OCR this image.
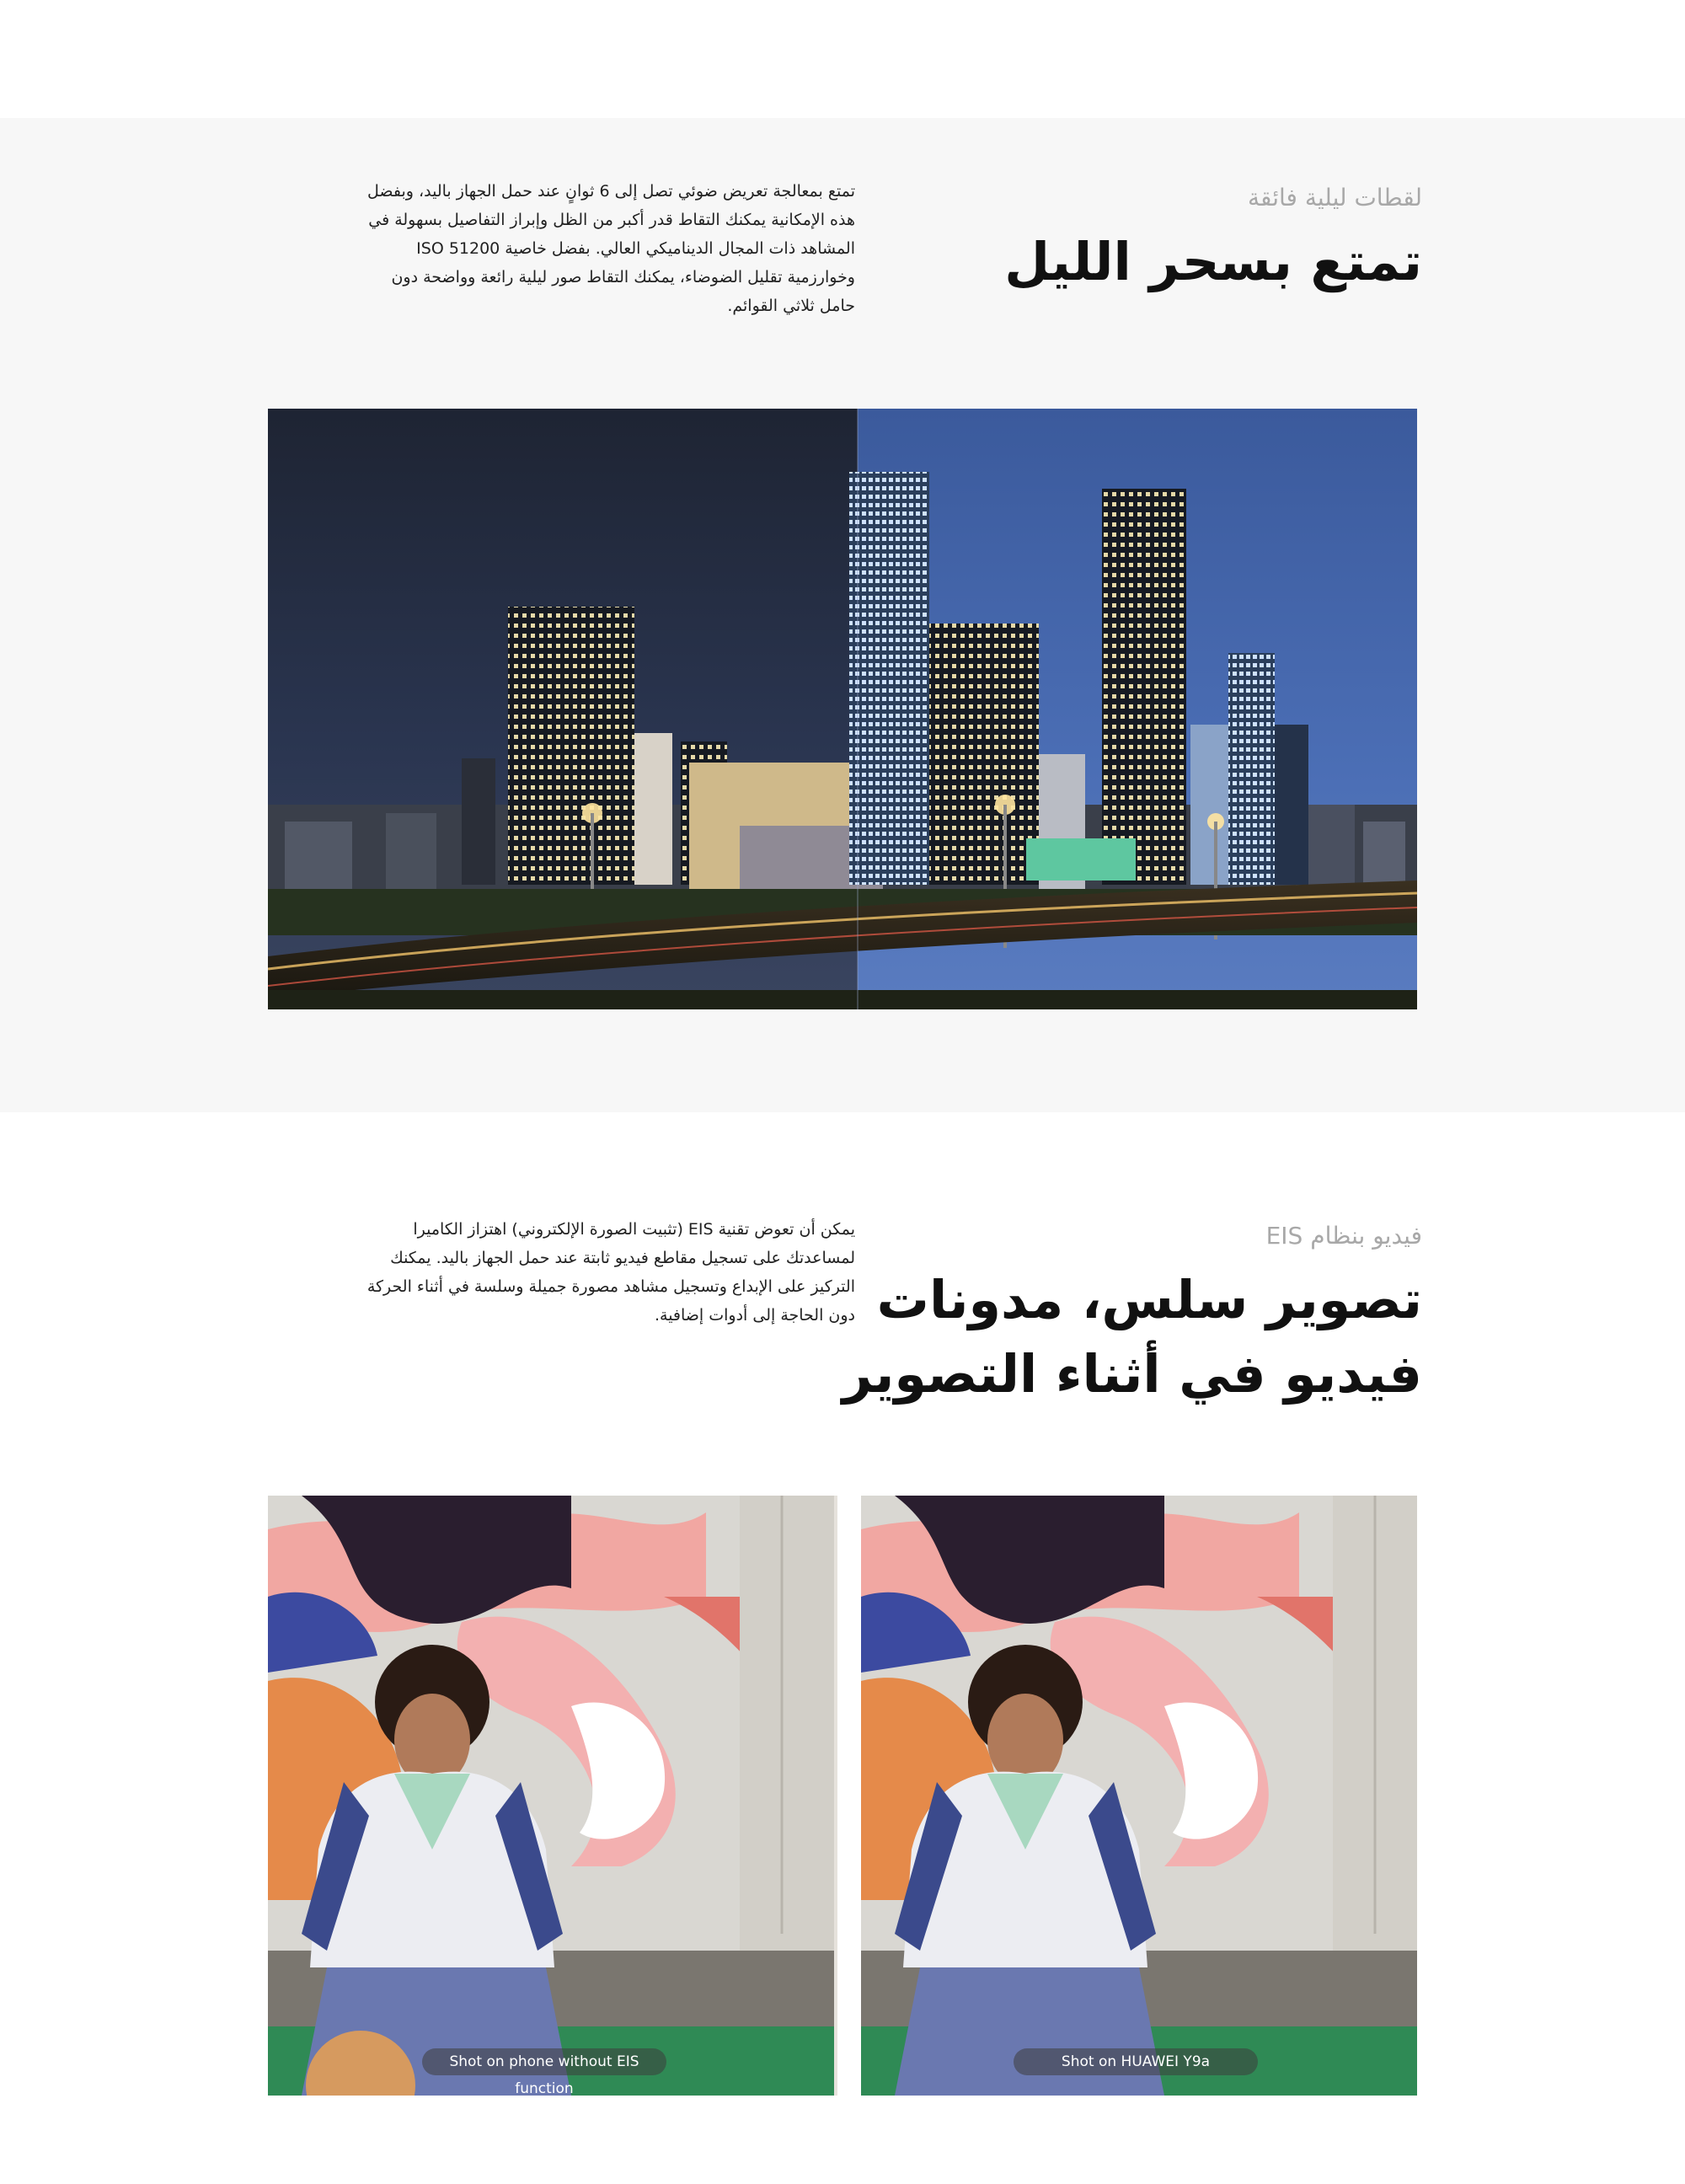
لقطات ليلية فائقة
تمتع بسحر الليل

تمتع بمعالجة تعريض ضوئي تصل إلى 6 ثوانٍ عند حمل الجهاز باليد، وبفضل هذه الإمكانية يمكنك التقاط قدر أكبر من الظل وإبراز التفاصيل بسهولة في المشاهد ذات المجال الديناميكي العالي. بفضل خاصية ISO 51200 وخوارزمية تقليل الضوضاء، يمكنك التقاط صور ليلية رائعة وواضحة دون حامل ثلاثي القوائم.

فيديو بنظام EIS
تصوير سلس، مدونات
فيديو في أثناء التصوير

يمكن أن تعوض تقنية EIS (تثبيت الصورة الإلكتروني) اهتزاز الكاميرا لمساعدتك على تسجيل مقاطع فيديو ثابتة عند حمل الجهاز باليد. يمكنك التركيز على الإبداع وتسجيل مشاهد مصورة جميلة وسلسة في أثناء الحركة دون الحاجة إلى أدوات إضافية.

Shot on phone without EIS function
Shot on HUAWEI Y9a
